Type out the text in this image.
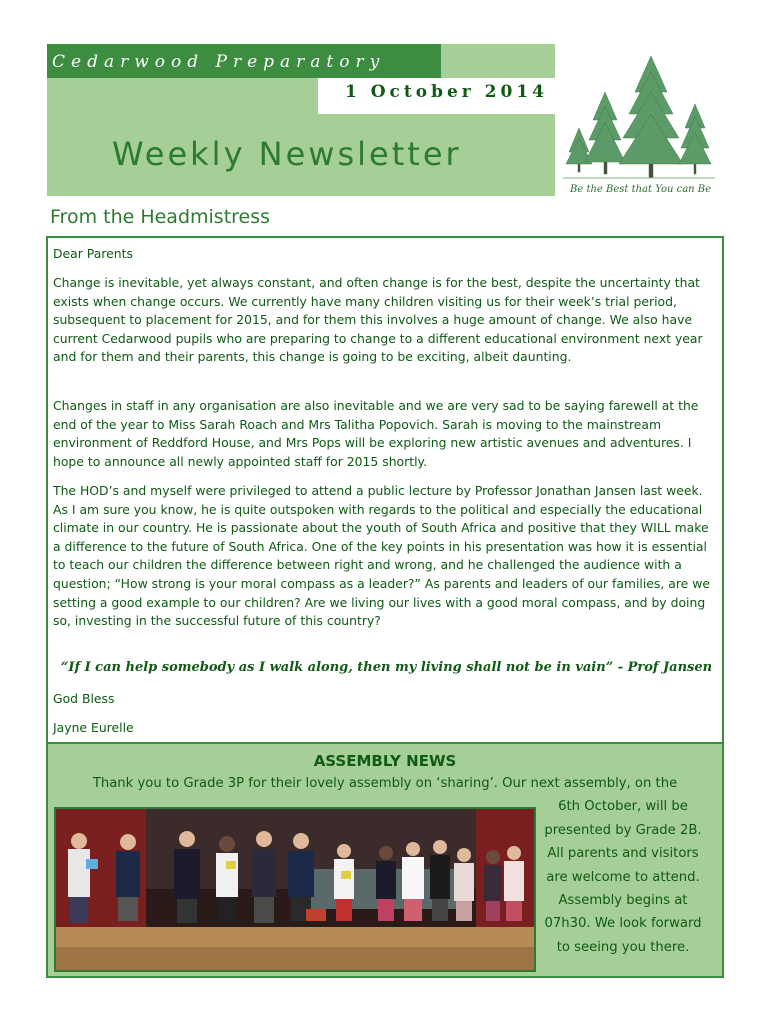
Cedarwood Preparatory
1 October 2014
Weekly Newsletter
Be the Best that You can Be
From the Headmistress

Dear Parents

Change is inevitable, yet always constant, and often change is for the best, despite the uncertainty that exists when change occurs. We currently have many children visiting us for their week’s trial period, subsequent to placement for 2015, and for them this involves a huge amount of change. We also have current Cedarwood pupils who are preparing to change to a different educational environment next year and for them and their parents, this change is going to be exciting, albeit daunting.

Changes in staff in any organisation are also inevitable and we are very sad to be saying farewell at the end of the year to Miss Sarah Roach and Mrs Talitha Popovich. Sarah is moving to the mainstream environment of Reddford House, and Mrs Pops will be exploring new artistic avenues and adventures. I hope to announce all newly appointed staff for 2015 shortly.

The HOD’s and myself were privileged to attend a public lecture by Professor Jonathan Jansen last week. As I am sure you know, he is quite outspoken with regards to the political and especially the educational climate in our country. He is passionate about the youth of South Africa and positive that they WILL make a difference to the future of South Africa. One of the key points in his presentation was how it is essential to teach our children the difference between right and wrong, and he challenged the audience with a question; “How strong is your moral compass as a leader?” As parents and leaders of our families, are we setting a good example to our children? Are we living our lives with a good moral compass, and by doing so, investing in the successful future of this country?

“If I can help somebody as I walk along, then my living shall not be in vain” - Prof Jansen

God Bless

Jayne Eurelle

ASSEMBLY NEWS
Thank you to Grade 3P for their lovely assembly on ‘sharing’. Our next assembly, on the
6th October, will be
presented by Grade 2B.
All parents and visitors
are welcome to attend.
Assembly begins at
07h30. We look forward
to seeing you there.
